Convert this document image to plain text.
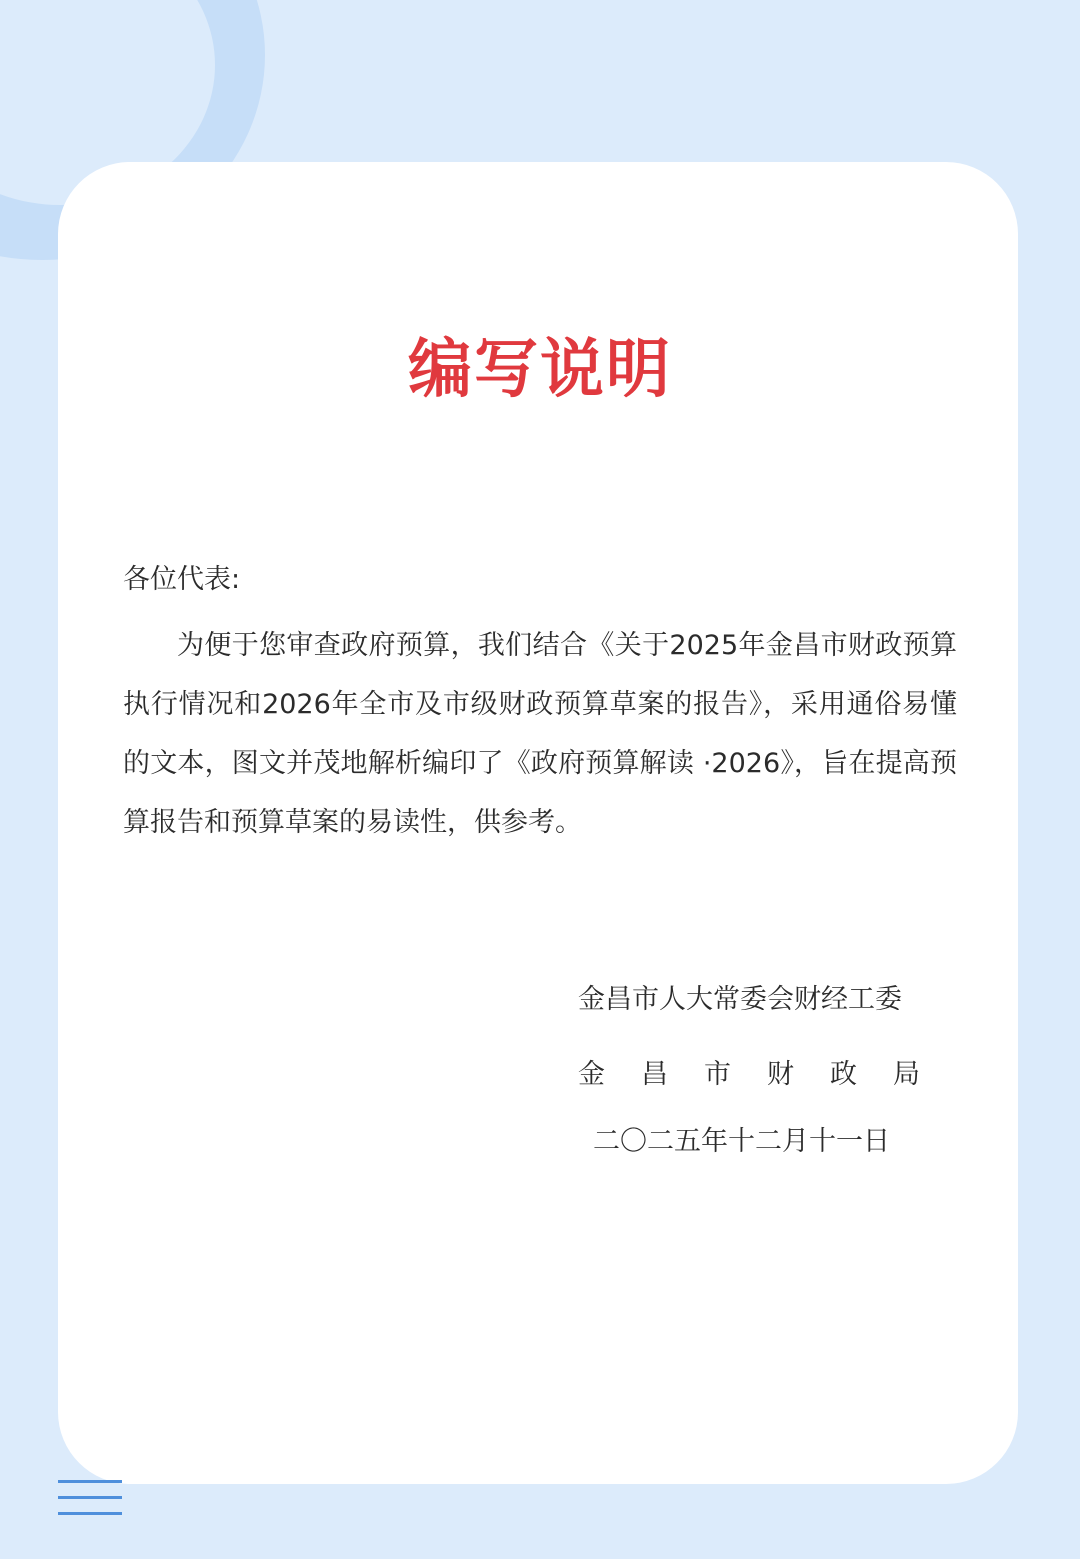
编写说明
各位代表:

为便于您审查政府预算，我们结合《关于2025年金昌市财政预算执行情况和2026年全市及市级财政预算草案的报告》，采用通俗易懂的文本，图文并茂地解析编印了《政府预算解读 ·2026》，旨在提高预算报告和预算草案的易读性，供参考。

金昌市人大常委会财经工委
金 昌 市 财 政 局
二〇二五年十二月十一日
